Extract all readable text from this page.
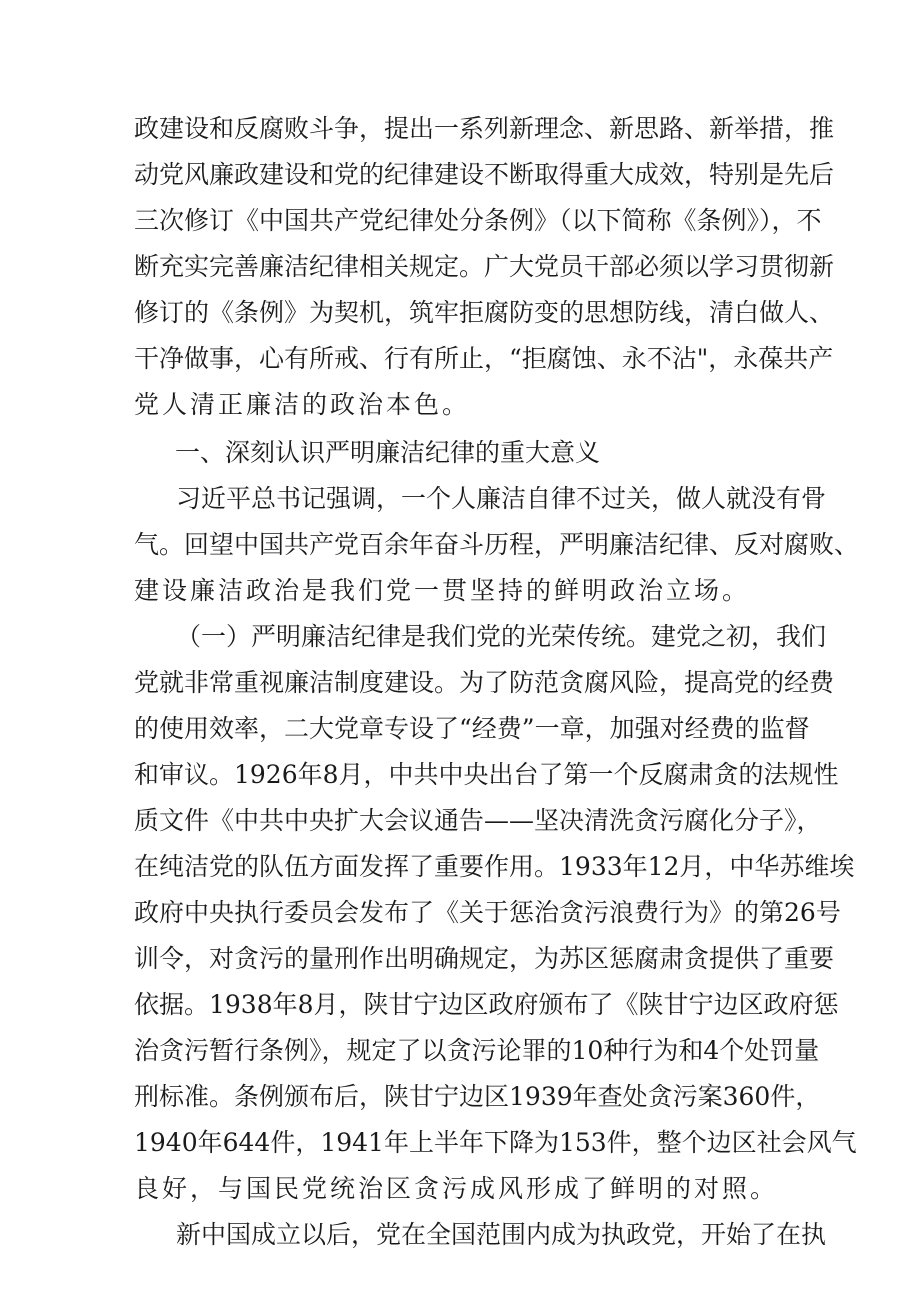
政建设和反腐败斗争，提出一系列新理念、新思路、新举措，推
动党风廉政建设和党的纪律建设不断取得重大成效，特别是先后
三次修订《中国共产党纪律处分条例》（以下简称《条例》），不
断充实完善廉洁纪律相关规定。广大党员干部必须以学习贯彻新
修订的《条例》为契机，筑牢拒腐防变的思想防线，清白做人、
干净做事，心有所戒、行有所止，“拒腐蚀、永不沾"，永葆共产
党人清正廉洁的政治本色。
一、深刻认识严明廉洁纪律的重大意义
习近平总书记强调，一个人廉洁自律不过关，做人就没有骨
气。回望中国共产党百余年奋斗历程，严明廉洁纪律、反对腐败、
建设廉洁政治是我们党一贯坚持的鲜明政治立场。
（一）严明廉洁纪律是我们党的光荣传统。建党之初，我们
党就非常重视廉洁制度建设。为了防范贪腐风险，提高党的经费
的使用效率，二大党章专设了“经费”一章，加强对经费的监督
和审议。1926年8月，中共中央出台了第一个反腐肃贪的法规性
质文件《中共中央扩大会议通告——坚决清洗贪污腐化分子》，
在纯洁党的队伍方面发挥了重要作用。1933年12月，中华苏维埃
政府中央执行委员会发布了《关于惩治贪污浪费行为》的第26号
训令，对贪污的量刑作出明确规定，为苏区惩腐肃贪提供了重要
依据。1938年8月，陕甘宁边区政府颁布了《陕甘宁边区政府惩
治贪污暂行条例》，规定了以贪污论罪的10种行为和4个处罚量
刑标准。条例颁布后，陕甘宁边区1939年查处贪污案360件，
1940年644件，1941年上半年下降为153件，整个边区社会风气
良好，与国民党统治区贪污成风形成了鲜明的对照。
新中国成立以后，党在全国范围内成为执政党，开始了在执
